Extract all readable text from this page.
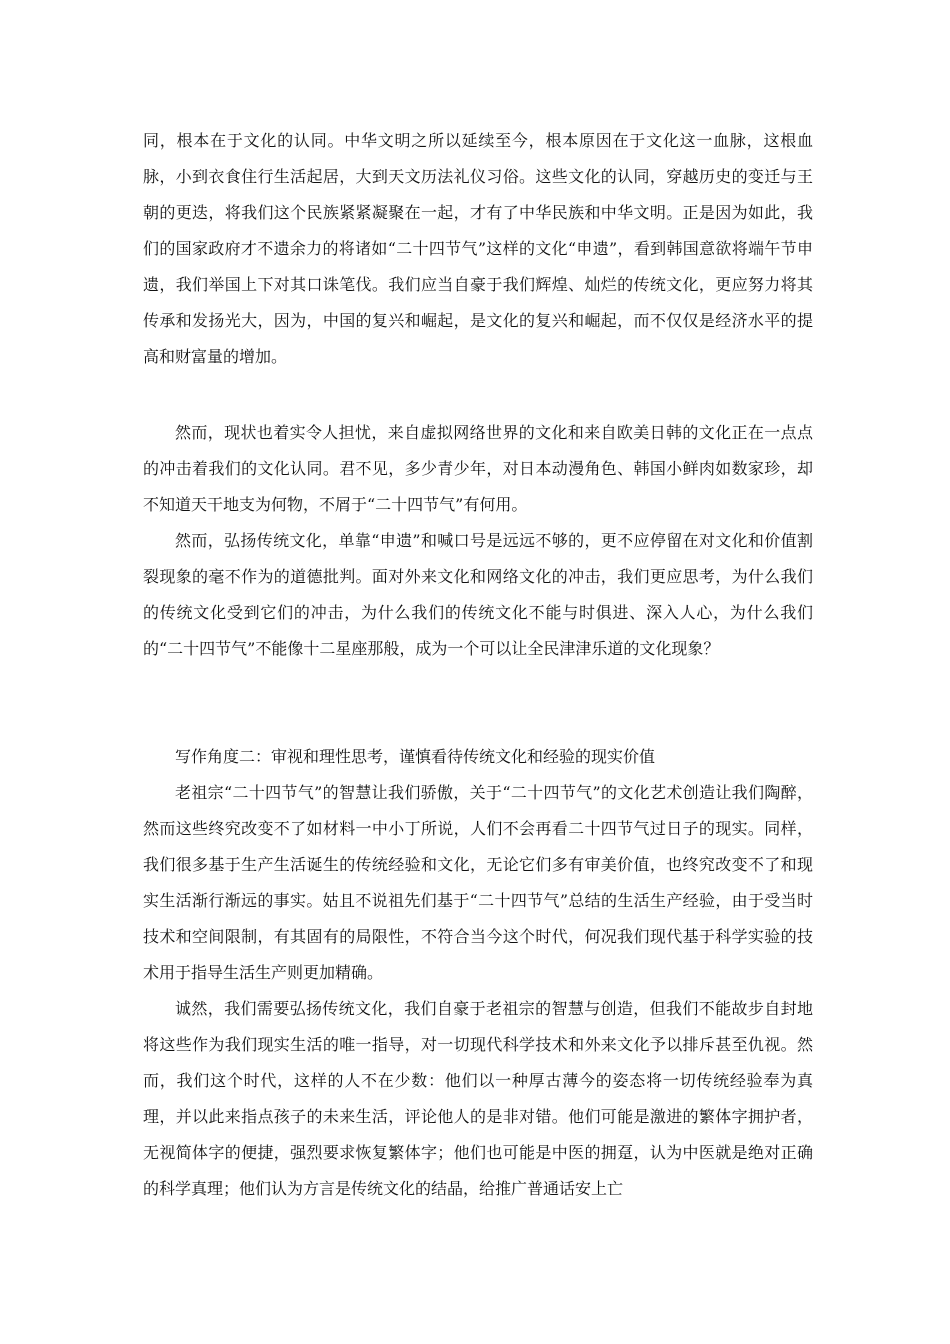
同，根本在于文化的认同。中华文明之所以延续至今，根本原因在于文化这一血脉，这根血脉，小到衣食住行生活起居，大到天文历法礼仪习俗。这些文化的认同，穿越历史的变迁与王朝的更迭，将我们这个民族紧紧凝聚在一起，才有了中华民族和中华文明。正是因为如此，我们的国家政府才不遗余力的将诸如“二十四节气”这样的文化“申遗”，看到韩国意欲将端午节申遗，我们举国上下对其口诛笔伐。我们应当自豪于我们辉煌、灿烂的传统文化，更应努力将其传承和发扬光大，因为，中国的复兴和崛起，是文化的复兴和崛起，而不仅仅是经济水平的提高和财富量的增加。

然而，现状也着实令人担忧，来自虚拟网络世界的文化和来自欧美日韩的文化正在一点点的冲击着我们的文化认同。君不见，多少青少年，对日本动漫角色、韩国小鲜肉如数家珍，却不知道天干地支为何物，不屑于“二十四节气”有何用。

然而，弘扬传统文化，单靠“申遗”和喊口号是远远不够的，更不应停留在对文化和价值割裂现象的毫不作为的道德批判。面对外来文化和网络文化的冲击，我们更应思考，为什么我们的传统文化受到它们的冲击，为什么我们的传统文化不能与时俱进、深入人心，为什么我们的“二十四节气”不能像十二星座那般，成为一个可以让全民津津乐道的文化现象？

写作角度二：审视和理性思考，谨慎看待传统文化和经验的现实价值

老祖宗“二十四节气”的智慧让我们骄傲，关于“二十四节气”的文化艺术创造让我们陶醉，然而这些终究改变不了如材料一中小丁所说，人们不会再看二十四节气过日子的现实。同样，我们很多基于生产生活诞生的传统经验和文化，无论它们多有审美价值，也终究改变不了和现实生活渐行渐远的事实。姑且不说祖先们基于“二十四节气”总结的生活生产经验，由于受当时技术和空间限制，有其固有的局限性，不符合当今这个时代，何况我们现代基于科学实验的技术用于指导生活生产则更加精确。

诚然，我们需要弘扬传统文化，我们自豪于老祖宗的智慧与创造，但我们不能故步自封地将这些作为我们现实生活的唯一指导，对一切现代科学技术和外来文化予以排斥甚至仇视。然而，我们这个时代，这样的人不在少数：他们以一种厚古薄今的姿态将一切传统经验奉为真理，并以此来指点孩子的未来生活，评论他人的是非对错。他们可能是激进的繁体字拥护者，无视简体字的便捷，强烈要求恢复繁体字；他们也可能是中医的拥趸，认为中医就是绝对正确的科学真理；他们认为方言是传统文化的结晶，给推广普通话安上亡
